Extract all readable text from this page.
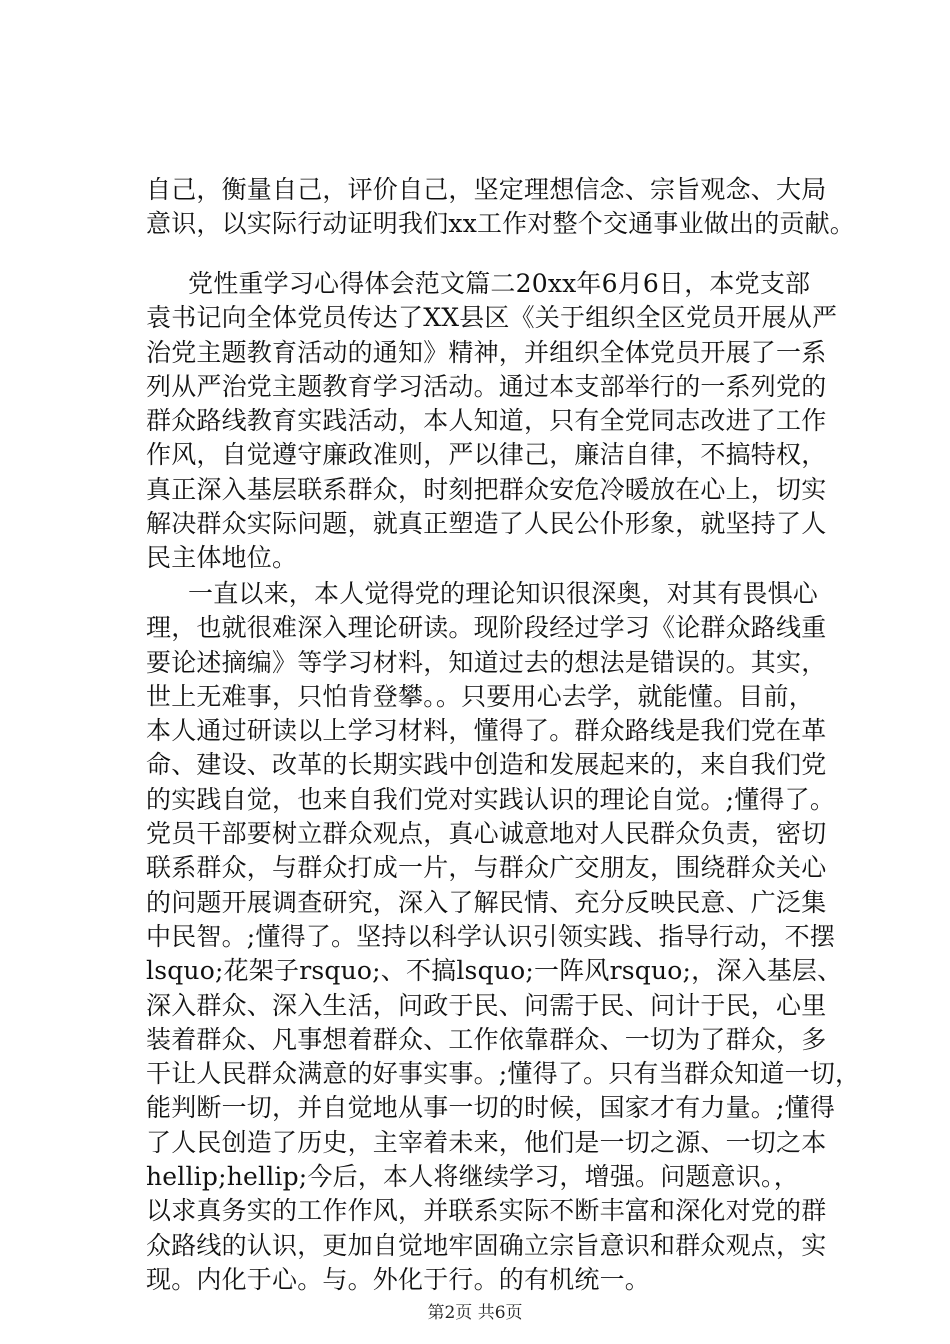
自己，衡量自己，评价自己，坚定理想信念、宗旨观念、大局
意识，以实际行动证明我们xx工作对整个交通事业做出的贡献。
党性重学习心得体会范文篇二20xx年6月6日，本党支部
袁书记向全体党员传达了XX县区《关于组织全区党员开展从严
治党主题教育活动的通知》精神，并组织全体党员开展了一系
列从严治党主题教育学习活动。通过本支部举行的一系列党的
群众路线教育实践活动，本人知道，只有全党同志改进了工作
作风，自觉遵守廉政准则，严以律己，廉洁自律，不搞特权，
真正深入基层联系群众，时刻把群众安危冷暖放在心上，切实
解决群众实际问题，就真正塑造了人民公仆形象，就坚持了人
民主体地位。
一直以来，本人觉得党的理论知识很深奥，对其有畏惧心
理，也就很难深入理论研读。现阶段经过学习《论群众路线重
要论述摘编》等学习材料，知道过去的想法是错误的。其实，
世上无难事，只怕肯登攀。。只要用心去学，就能懂。目前，
本人通过研读以上学习材料，懂得了。群众路线是我们党在革
命、建设、改革的长期实践中创造和发展起来的，来自我们党
的实践自觉，也来自我们党对实践认识的理论自觉。;懂得了。
党员干部要树立群众观点，真心诚意地对人民群众负责，密切
联系群众，与群众打成一片，与群众广交朋友，围绕群众关心
的问题开展调查研究，深入了解民情、充分反映民意、广泛集
中民智。;懂得了。坚持以科学认识引领实践、指导行动，不摆
lsquo;花架子rsquo;、不搞lsquo;一阵风rsquo;，深入基层、
深入群众、深入生活，问政于民、问需于民、问计于民，心里
装着群众、凡事想着群众、工作依靠群众、一切为了群众，多
干让人民群众满意的好事实事。;懂得了。只有当群众知道一切，
能判断一切，并自觉地从事一切的时候，国家才有力量。;懂得
了人民创造了历史，主宰着未来，他们是一切之源、一切之本
hellip;hellip;今后，本人将继续学习，增强。问题意识。，
以求真务实的工作作风，并联系实际不断丰富和深化对党的群
众路线的认识，更加自觉地牢固确立宗旨意识和群众观点，实
现。内化于心。与。外化于行。的有机统一。
第2页 共6页
